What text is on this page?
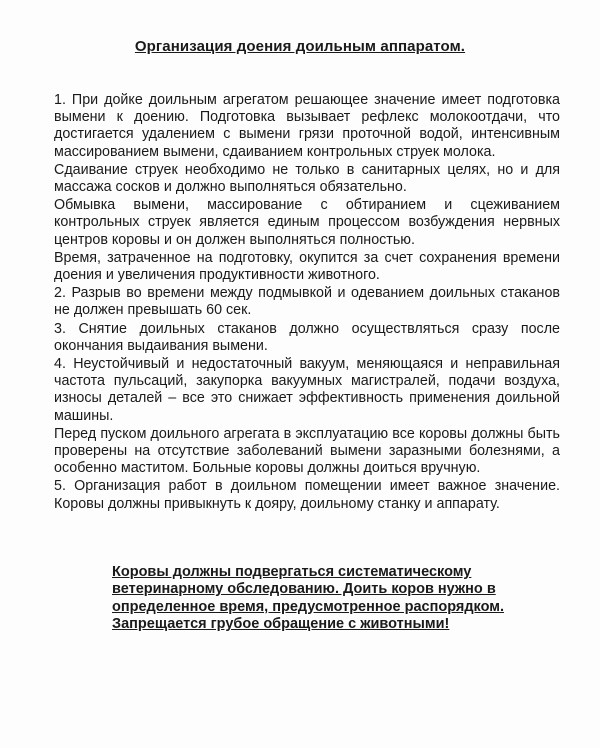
Организация доения доильным аппаратом.

1. При дойке доильным агрегатом решающее значение имеет подготовка вымени к доению. Подготовка вызывает рефлекс молокоотдачи, что достигается удалением с вымени грязи проточной водой, интенсивным массированием вымени, сдаиванием контрольных струек молока.

Сдаивание струек необходимо не только в санитарных целях, но и для массажа сосков и должно выполняться обязательно.

Обмывка вымени, массирование с обтиранием и сцеживанием контрольных струек является единым процессом возбуждения нервных центров коровы и он должен выполняться полностью.

Время, затраченное на подготовку, окупится за счет сохранения времени доения и увеличения продуктивности животного.

2. Разрыв во времени между подмывкой и одеванием доильных стаканов не должен превышать 60 сек.

3. Снятие доильных стаканов должно осуществляться сразу после окончания выдаивания вымени.

4. Неустойчивый и недостаточный вакуум, меняющаяся и неправильная частота пульсаций, закупорка вакуумных магистралей, подачи воздуха, износы деталей – все это снижает эффективность применения доильной машины.

Перед пуском доильного агрегата в эксплуатацию все коровы должны быть проверены на отсутствие заболеваний вымени заразными болезнями, а особенно маститом. Больные коровы должны доиться вручную.

5. Организация работ в доильном помещении имеет важное значение. Коровы должны привыкнуть к дояру, доильному станку и аппарату.

Коровы должны подвергаться систематическому
ветеринарному обследованию. Доить коров нужно в
определенное время, предусмотренное распорядком.
Запрещается грубое обращение с животными!
